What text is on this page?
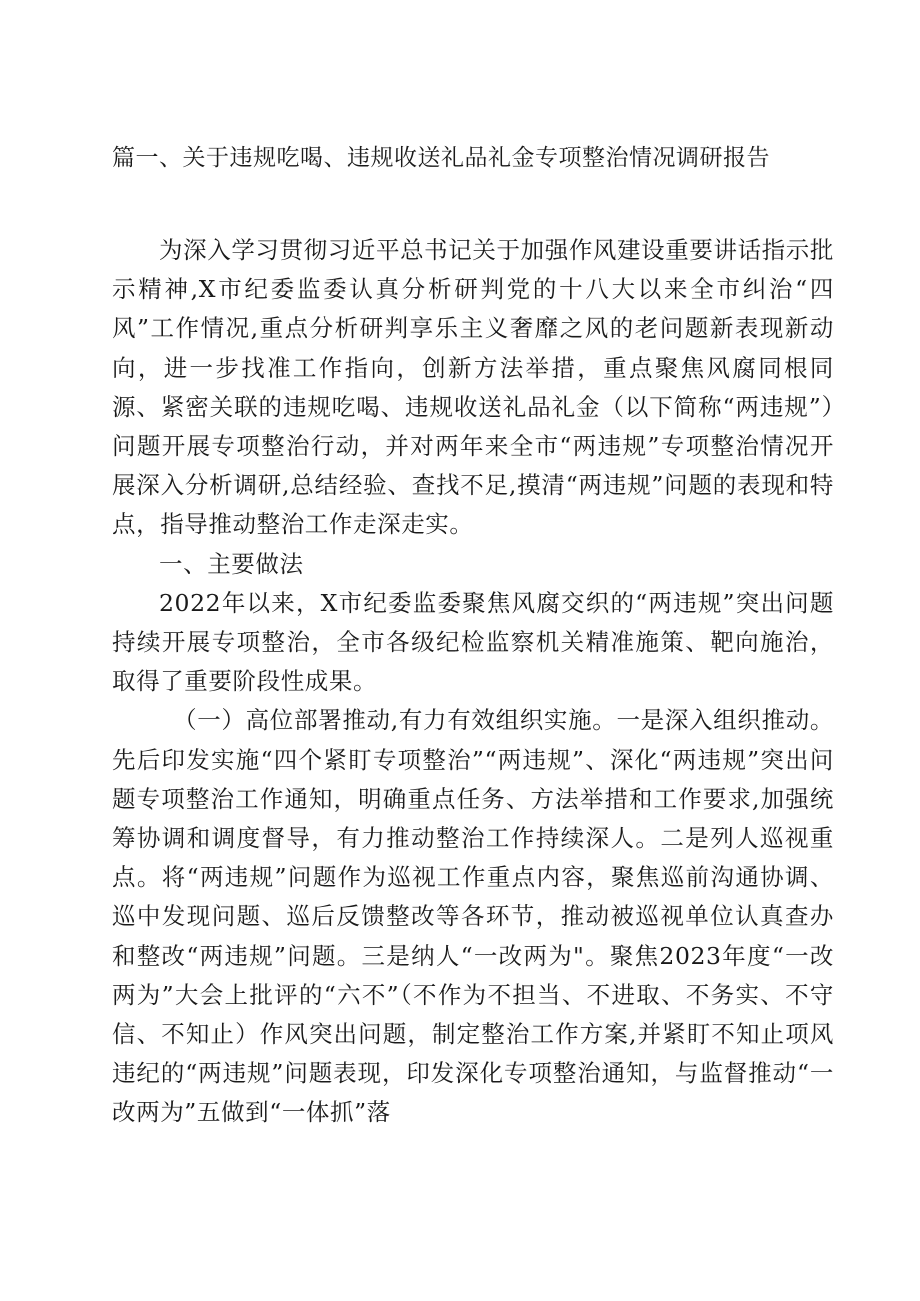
篇一、关于违规吃喝、违规收送礼品礼金专项整治情况调研报告

为深入学习贯彻习近平总书记关于加强作风建设重要讲话指示批示精神,X市纪委监委认真分析研判党的十八大以来全市纠治“四风”工作情况,重点分析研判享乐主义奢靡之风的老问题新表现新动向，进一步找准工作指向，创新方法举措，重点聚焦风腐同根同源、紧密关联的违规吃喝、违规收送礼品礼金（以下简称“两违规”）问题开展专项整治行动，并对两年来全市“两违规”专项整治情况开展深入分析调研,总结经验、查找不足,摸清“两违规”问题的表现和特点，指导推动整治工作走深走实。

一、主要做法

2022年以来，X市纪委监委聚焦风腐交织的“两违规”突出问题持续开展专项整治，全市各级纪检监察机关精准施策、靶向施治，取得了重要阶段性成果。

（一）高位部署推动,有力有效组织实施。一是深入组织推动。先后印发实施“四个紧盯专项整治”“两违规”、深化“两违规”突出问题专项整治工作通知，明确重点任务、方法举措和工作要求,加强统筹协调和调度督导，有力推动整治工作持续深人。二是列人巡视重点。将“两违规”问题作为巡视工作重点内容，聚焦巡前沟通协调、巡中发现问题、巡后反馈整改等各环节，推动被巡视单位认真查办和整改“两违规”问题。三是纳人“一改两为"。聚焦2023年度“一改两为”大会上批评的“六不”（不作为不担当、不进取、不务实、不守信、不知止）作风突出问题，制定整治工作方案,并紧盯不知止项风违纪的“两违规”问题表现，印发深化专项整治通知，与监督推动“一改两为”五做到“一体抓”落
